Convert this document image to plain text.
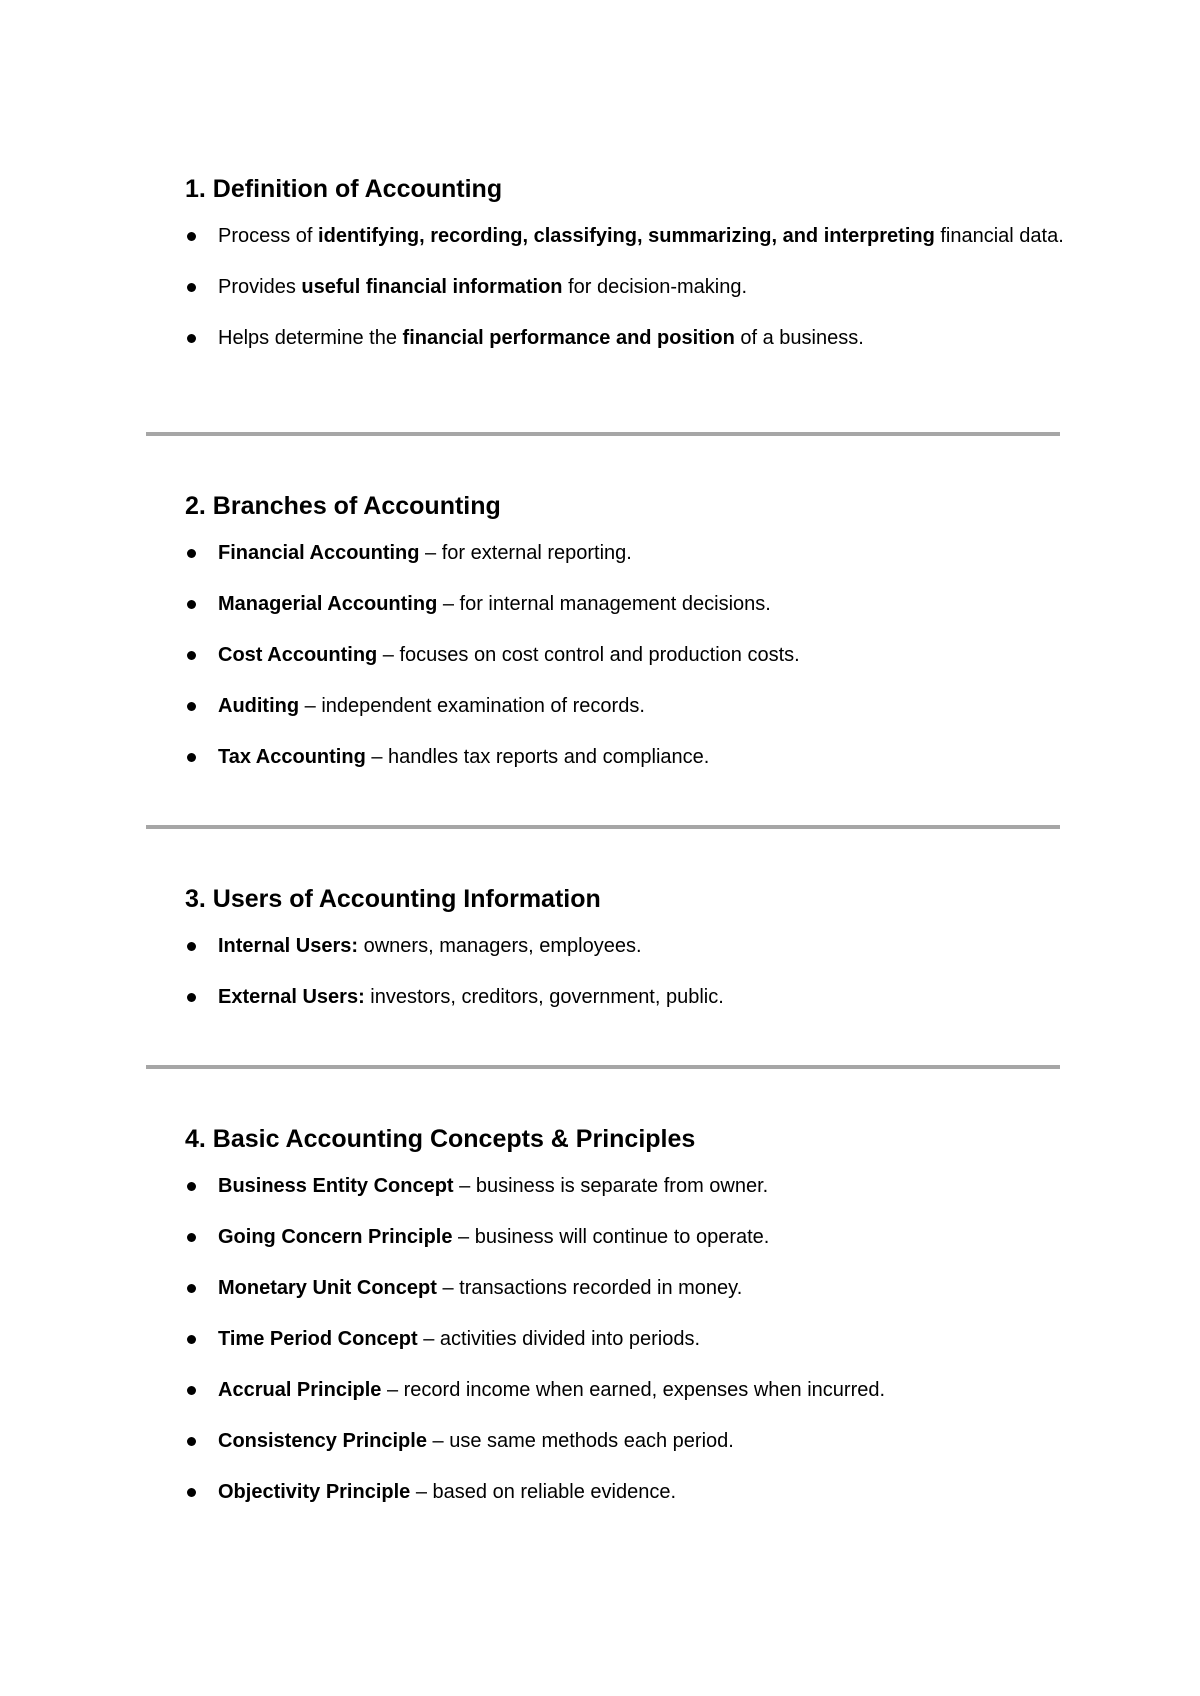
1. Definition of Accounting
Process of identifying, recording, classifying, summarizing, and interpreting financial data.
Provides useful financial information for decision-making.
Helps determine the financial performance and position of a business.
2. Branches of Accounting
Financial Accounting – for external reporting.
Managerial Accounting – for internal management decisions.
Cost Accounting – focuses on cost control and production costs.
Auditing – independent examination of records.
Tax Accounting – handles tax reports and compliance.
3. Users of Accounting Information
Internal Users: owners, managers, employees.
External Users: investors, creditors, government, public.
4. Basic Accounting Concepts & Principles
Business Entity Concept – business is separate from owner.
Going Concern Principle – business will continue to operate.
Monetary Unit Concept – transactions recorded in money.
Time Period Concept – activities divided into periods.
Accrual Principle – record income when earned, expenses when incurred.
Consistency Principle – use same methods each period.
Objectivity Principle – based on reliable evidence.
